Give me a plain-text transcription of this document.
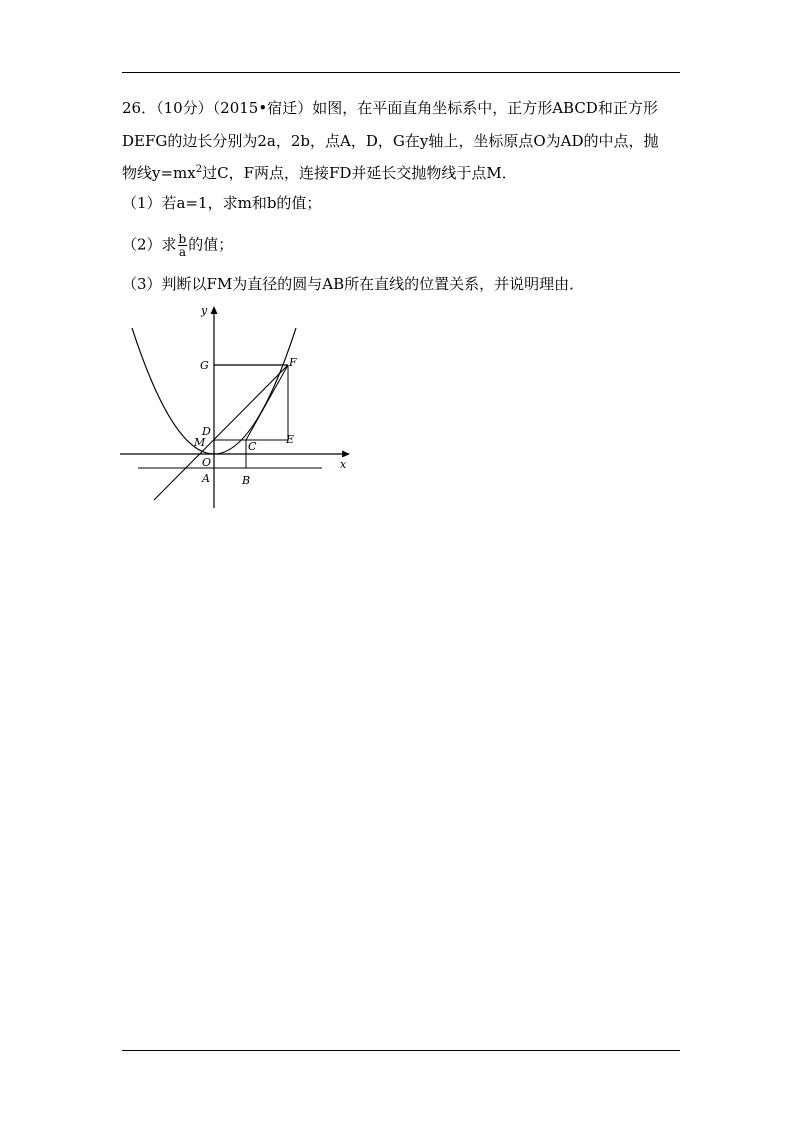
26．（10分）（2015•宿迁）如图，在平面直角坐标系中，正方形ABCD和正方形
DEFG的边长分别为2a，2b，点A，D，G在y轴上，坐标原点O为AD的中点，抛
物线$y=mx^2$过C，F两点，连接FD并延长交抛物线于点M．
（1）若a=1，求m和b的值；
（2）求 $\frac{b}{a}$ 的值；
（3）判断以FM为直径的圆与AB所在直线的位置关系，并说明理由．
y
x
G	F
D
M	C
E
O
A	B
